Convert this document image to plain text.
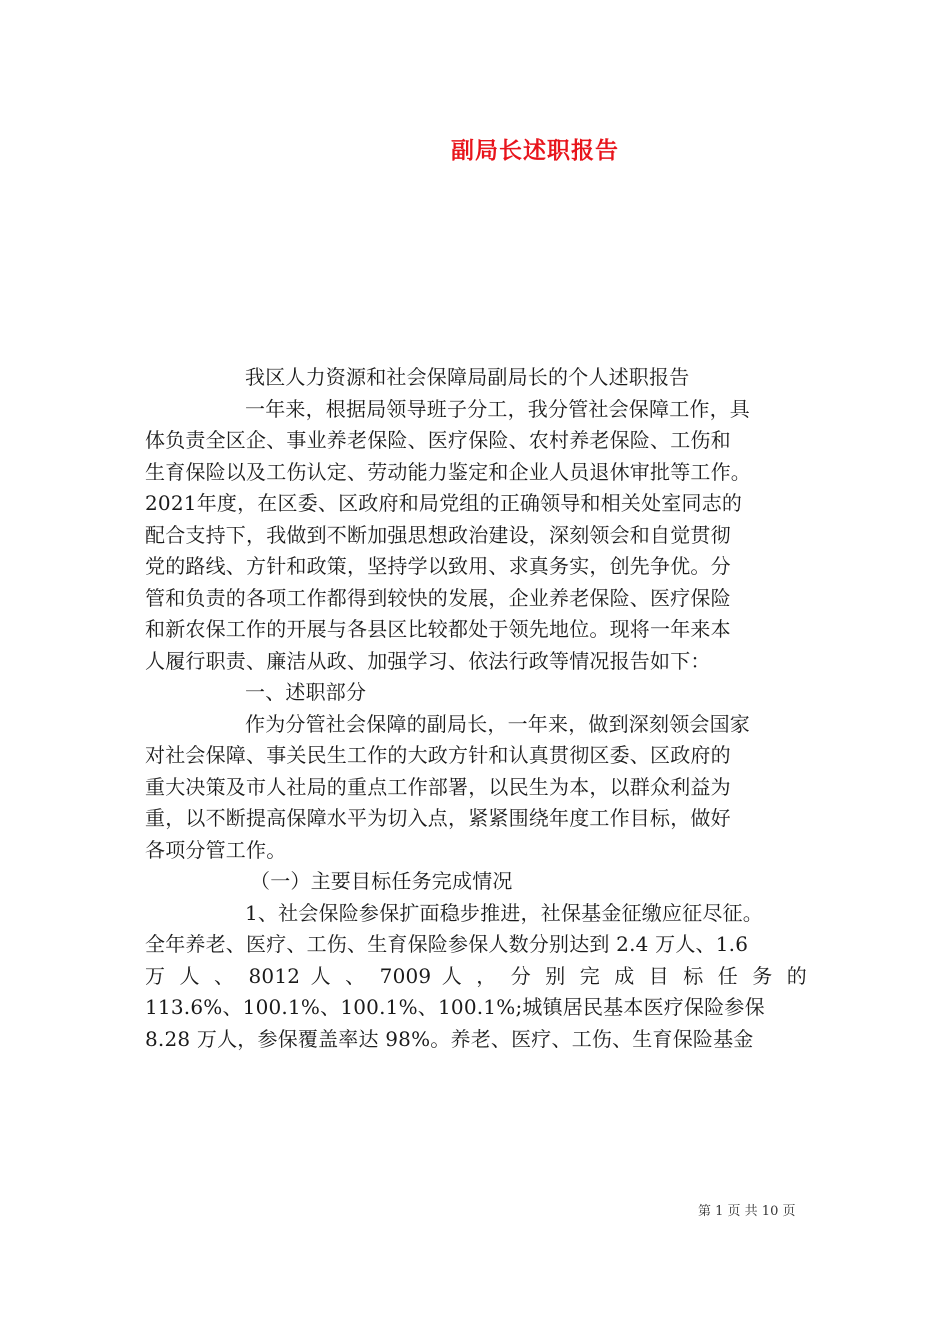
副局长述职报告
我区人力资源和社会保障局副局长的个人述职报告
一年来，根据局领导班子分工，我分管社会保障工作，具
体负责全区企、事业养老保险、医疗保险、农村养老保险、工伤和
生育保险以及工伤认定、劳动能力鉴定和企业人员退休审批等工作。
2021年度，在区委、区政府和局党组的正确领导和相关处室同志的
配合支持下，我做到不断加强思想政治建设，深刻领会和自觉贯彻
党的路线、方针和政策，坚持学以致用、求真务实，创先争优。分
管和负责的各项工作都得到较快的发展，企业养老保险、医疗保险
和新农保工作的开展与各县区比较都处于领先地位。现将一年来本
人履行职责、廉洁从政、加强学习、依法行政等情况报告如下：
一、述职部分
作为分管社会保障的副局长，一年来，做到深刻领会国家
对社会保障、事关民生工作的大政方针和认真贯彻区委、区政府的
重大决策及市人社局的重点工作部署，以民生为本，以群众利益为
重，以不断提高保障水平为切入点，紧紧围绕年度工作目标，做好
各项分管工作。
（一）主要目标任务完成情况
1、社会保险参保扩面稳步推进，社保基金征缴应征尽征。
全年养老、医疗、工伤、生育保险参保人数分别达到 2.4 万人、1.6
万 人 、 8012 人 、 7009 人 ， 分 别 完 成 目 标 任 务 的
113.6%、100.1%、100.1%、100.1%;城镇居民基本医疗保险参保
8.28 万人，参保覆盖率达 98%。养老、医疗、工伤、生育保险基金
第 1 页 共 10 页
